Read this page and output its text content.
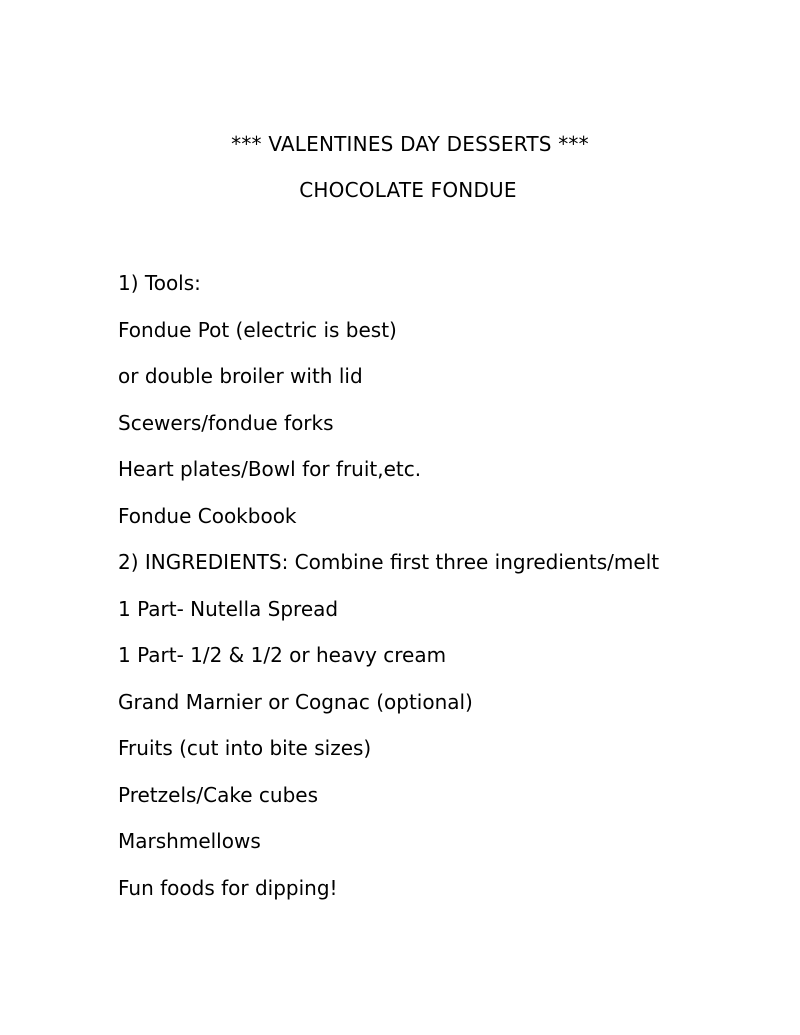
*** VALENTINES DAY DESSERTS ***
CHOCOLATE FONDUE
1) Tools:
Fondue Pot (electric is best)
or double broiler with lid
Scewers/fondue forks
Heart plates/Bowl for fruit,etc.
Fondue Cookbook
2) INGREDIENTS: Combine first three ingredients/melt
1 Part- Nutella Spread
1 Part- 1/2 & 1/2 or heavy cream
Grand Marnier or Cognac (optional)
Fruits (cut into bite sizes)
Pretzels/Cake cubes
Marshmellows
Fun foods for dipping!
